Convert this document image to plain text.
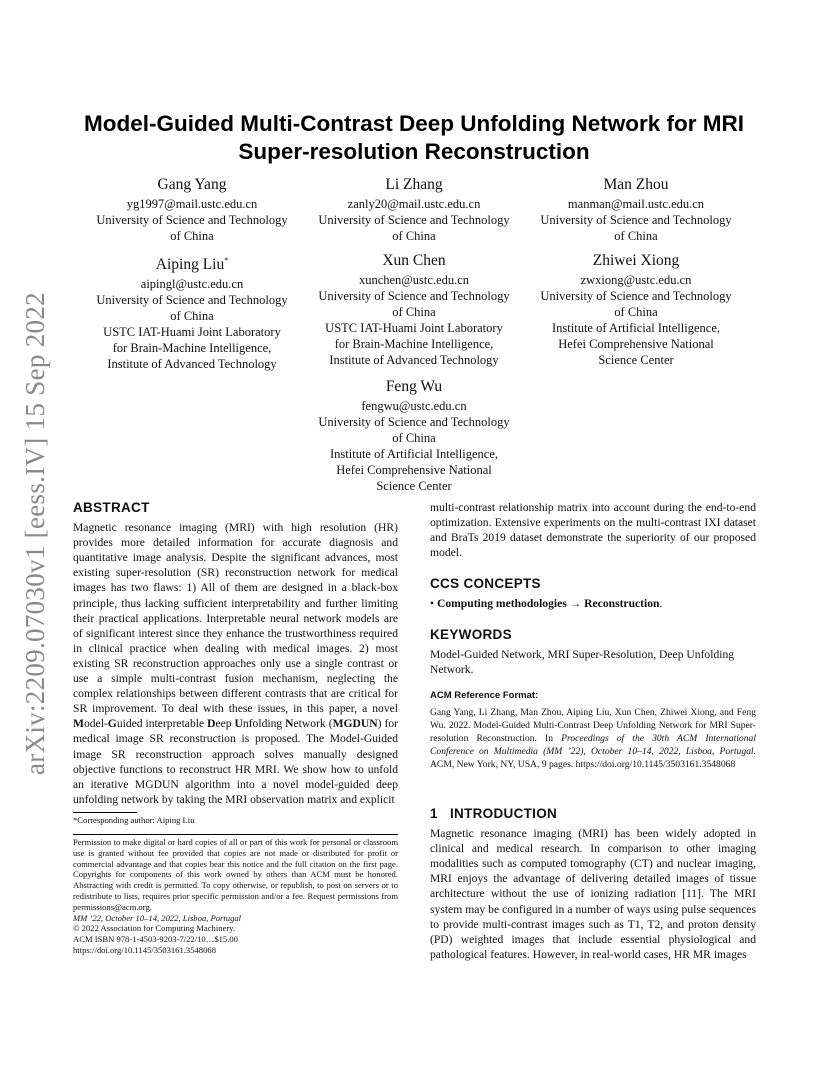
arXiv:2209.07030v1 [eess.IV] 15 Sep 2022
Model-Guided Multi-Contrast Deep Unfolding Network for MRI Super-resolution Reconstruction
Gang Yang
yg1997@mail.ustc.edu.cn
University of Science and Technology
of China
Li Zhang
zanly20@mail.ustc.edu.cn
University of Science and Technology
of China
Man Zhou
manman@mail.ustc.edu.cn
University of Science and Technology
of China
Aiping Liu*
aipingl@ustc.edu.cn
University of Science and Technology
of China
USTC IAT-Huami Joint Laboratory
for Brain-Machine Intelligence,
Institute of Advanced Technology
Xun Chen
xunchen@ustc.edu.cn
University of Science and Technology
of China
USTC IAT-Huami Joint Laboratory
for Brain-Machine Intelligence,
Institute of Advanced Technology
Zhiwei Xiong
zwxiong@ustc.edu.cn
University of Science and Technology
of China
Institute of Artificial Intelligence,
Hefei Comprehensive National
Science Center
Feng Wu
fengwu@ustc.edu.cn
University of Science and Technology
of China
Institute of Artificial Intelligence,
Hefei Comprehensive National
Science Center
ABSTRACT
Magnetic resonance imaging (MRI) with high resolution (HR) provides more detailed information for accurate diagnosis and quantitative image analysis. Despite the significant advances, most existing super-resolution (SR) reconstruction network for medical images has two flaws: 1) All of them are designed in a black-box principle, thus lacking sufficient interpretability and further limiting their practical applications. Interpretable neural network models are of significant interest since they enhance the trustworthiness required in clinical practice when dealing with medical images. 2) most existing SR reconstruction approaches only use a single contrast or use a simple multi-contrast fusion mechanism, neglecting the complex relationships between different contrasts that are critical for SR improvement. To deal with these issues, in this paper, a novel Model-Guided interpretable Deep Unfolding Network (MGDUN) for medical image SR reconstruction is proposed. The Model-Guided image SR reconstruction approach solves manually designed objective functions to reconstruct HR MRI. We show how to unfold an iterative MGDUN algorithm into a novel model-guided deep unfolding network by taking the MRI observation matrix and explicit
*Corresponding author: Aiping Liu
Permission to make digital or hard copies of all or part of this work for personal or classroom use is granted without fee provided that copies are not made or distributed for profit or commercial advantage and that copies bear this notice and the full citation on the first page. Copyrights for components of this work owned by others than ACM must be honored. Abstracting with credit is permitted. To copy otherwise, or republish, to post on servers or to redistribute to lists, requires prior specific permission and/or a fee. Request permissions from permissions@acm.org.
MM ’22, October 10–14, 2022, Lisboa, Portugal
© 2022 Association for Computing Machinery.
ACM ISBN 978-1-4503-9203-7/22/10…$15.00
https://doi.org/10.1145/3503161.3548068
multi-contrast relationship matrix into account during the end-to-end optimization. Extensive experiments on the multi-contrast IXI dataset and BraTs 2019 dataset demonstrate the superiority of our proposed model.
CCS CONCEPTS
• Computing methodologies → Reconstruction.
KEYWORDS
Model-Guided Network, MRI Super-Resolution, Deep Unfolding Network.
ACM Reference Format:
Gang Yang, Li Zhang, Man Zhou, Aiping Liu, Xun Chen, Zhiwei Xiong, and Feng Wu. 2022. Model-Guided Multi-Contrast Deep Unfolding Network for MRI Super-resolution Reconstruction. In Proceedings of the 30th ACM International Conference on Multimedia (MM ’22), October 10–14, 2022, Lisboa, Portugal. ACM, New York, NY, USA, 9 pages. https://doi.org/10.1145/3503161.3548068
1 INTRODUCTION
Magnetic resonance imaging (MRI) has been widely adopted in clinical and medical research. In comparison to other imaging modalities such as computed tomography (CT) and nuclear imaging, MRI enjoys the advantage of delivering detailed images of tissue architecture without the use of ionizing radiation [11]. The MRI system may be configured in a number of ways using pulse sequences to provide multi-contrast images such as T1, T2, and proton density (PD) weighted images that include essential physiological and pathological features. However, in real-world cases, HR MR images
